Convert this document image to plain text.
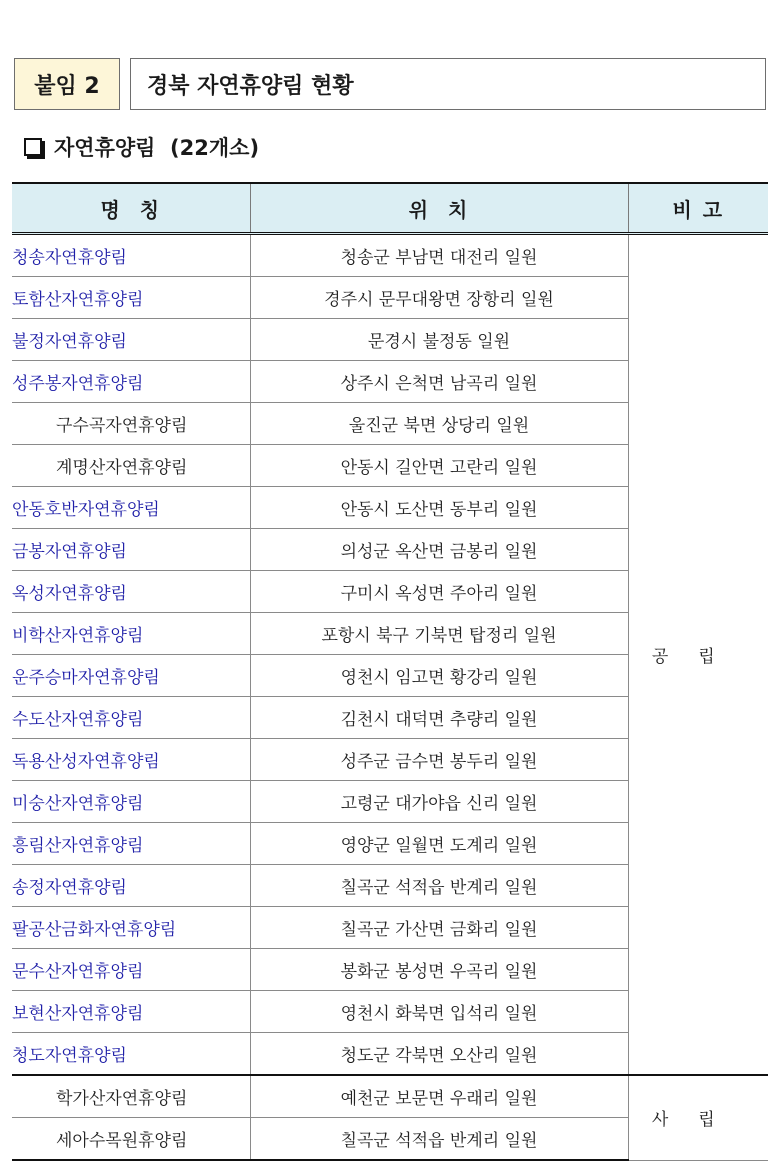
붙임 2	경북 자연휴양림 현황
자연휴양림  (22개소)
명  칭	위  치	비 고
청송자연휴양림	청송군 부남면 대전리 일원	공립
토함산자연휴양림	경주시 문무대왕면 장항리 일원	
불정자연휴양림	문경시 불정동 일원	
성주봉자연휴양림	상주시 은척면 남곡리 일원	
구수곡자연휴양림	울진군 북면 상당리 일원	
계명산자연휴양림	안동시 길안면 고란리 일원	
안동호반자연휴양림	안동시 도산면 동부리 일원	
금봉자연휴양림	의성군 옥산면 금봉리 일원	
옥성자연휴양림	구미시 옥성면 주아리 일원	
비학산자연휴양림	포항시 북구 기북면 탑정리 일원	
운주승마자연휴양림	영천시 임고면 황강리 일원	
수도산자연휴양림	김천시 대덕면 추량리 일원	
독용산성자연휴양림	성주군 금수면 봉두리 일원	
미숭산자연휴양림	고령군 대가야읍 신리 일원	
흥림산자연휴양림	영양군 일월면 도계리 일원	
송정자연휴양림	칠곡군 석적읍 반계리 일원	
팔공산금화자연휴양림	칠곡군 가산면 금화리 일원	
문수산자연휴양림	봉화군 봉성면 우곡리 일원	
보현산자연휴양림	영천시 화북면 입석리 일원	
청도자연휴양림	청도군 각북면 오산리 일원	
학가산자연휴양림	예천군 보문면 우래리 일원	사립
세아수목원휴양림	칠곡군 석적읍 반계리 일원	
